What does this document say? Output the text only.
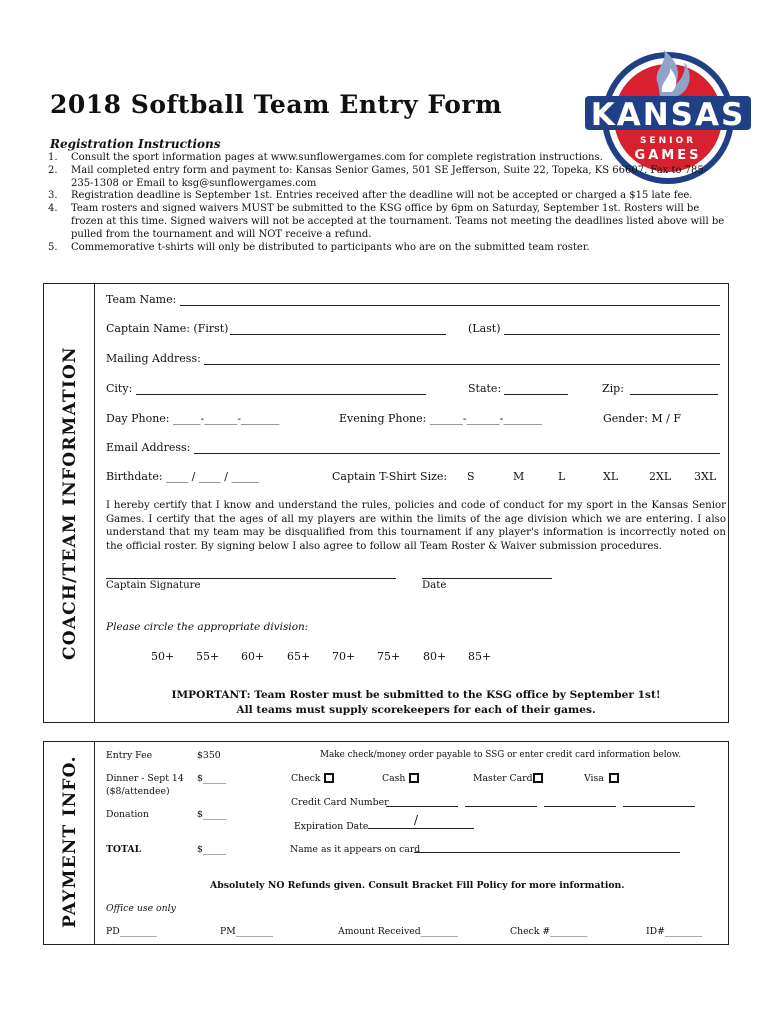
2018 Softball Team Entry Form	KANSAS
SENIOR
GAMES
Registration Instructions
1.	Consult the sport information pages at www.sunflowergames.com for complete registration instructions.
2.	Mail completed entry form and payment to: Kansas Senior Games, 501 SE Jefferson, Suite 22, Topeka, KS 66607. Fax to 785-235-1308 or Email to ksg@sunflowergames.com
3.	Registration deadline is September 1st. Entries received after the deadline will not be accepted or charged a $15 late fee.
4.	Team rosters and signed waivers MUST be submitted to the KSG office by 6pm on Saturday, September 1st. Rosters will be frozen at this time. Signed waivers will not be accepted at the tournament. Teams not meeting the deadlines listed above will be pulled from the tournament and will NOT receive a refund.
5.	Commemorative t-shirts will only be distributed to participants who are on the submitted team roster.
COACH/TEAM INFORMATION
Team Name:
Captain Name: (First)	(Last)
Mailing Address:
City:	State:	Zip:
Day Phone: _____-______-_______	Evening Phone: ______-______-_______	Gender: M / F
Email Address:
Birthdate: ____ / ____ / _____	Captain T-Shirt Size: S	M	L	XL	2XL 3XL
I hereby certify that I know and understand the rules, policies and code of conduct for my sport in the Kansas Senior Games. I certify that the ages of all my players are within the limits of the age division which we are entering. I also understand that my team may be disqualified from this tournament if any player's information is incorrectly noted on the official roster. By signing below I also agree to follow all Team Roster & Waiver submission procedures.
Captain Signature	Date
Please circle the appropriate division:
50+ 55+ 60+ 65+ 70+ 75+ 80+ 85+
IMPORTANT: Team Roster must be submitted to the KSG office by September 1st!
All teams must supply scorekeepers for each of their games.
PAYMENT INFO.	Entry Fee	$350	Make check/money order payable to SSG or enter credit card information below.
Dinner - Sept 14
($8/attendee)
$_____	Check	Cash	Master Card	Visa
Credit Card Number
Donation	$_____
Expiration Date	/
TOTAL	$_____	Name as it appears on card
Absolutely NO Refunds given. Consult Bracket Fill Policy for more information.
Office use only
PD________	PM________	Amount Received________	Check #________	ID#________
